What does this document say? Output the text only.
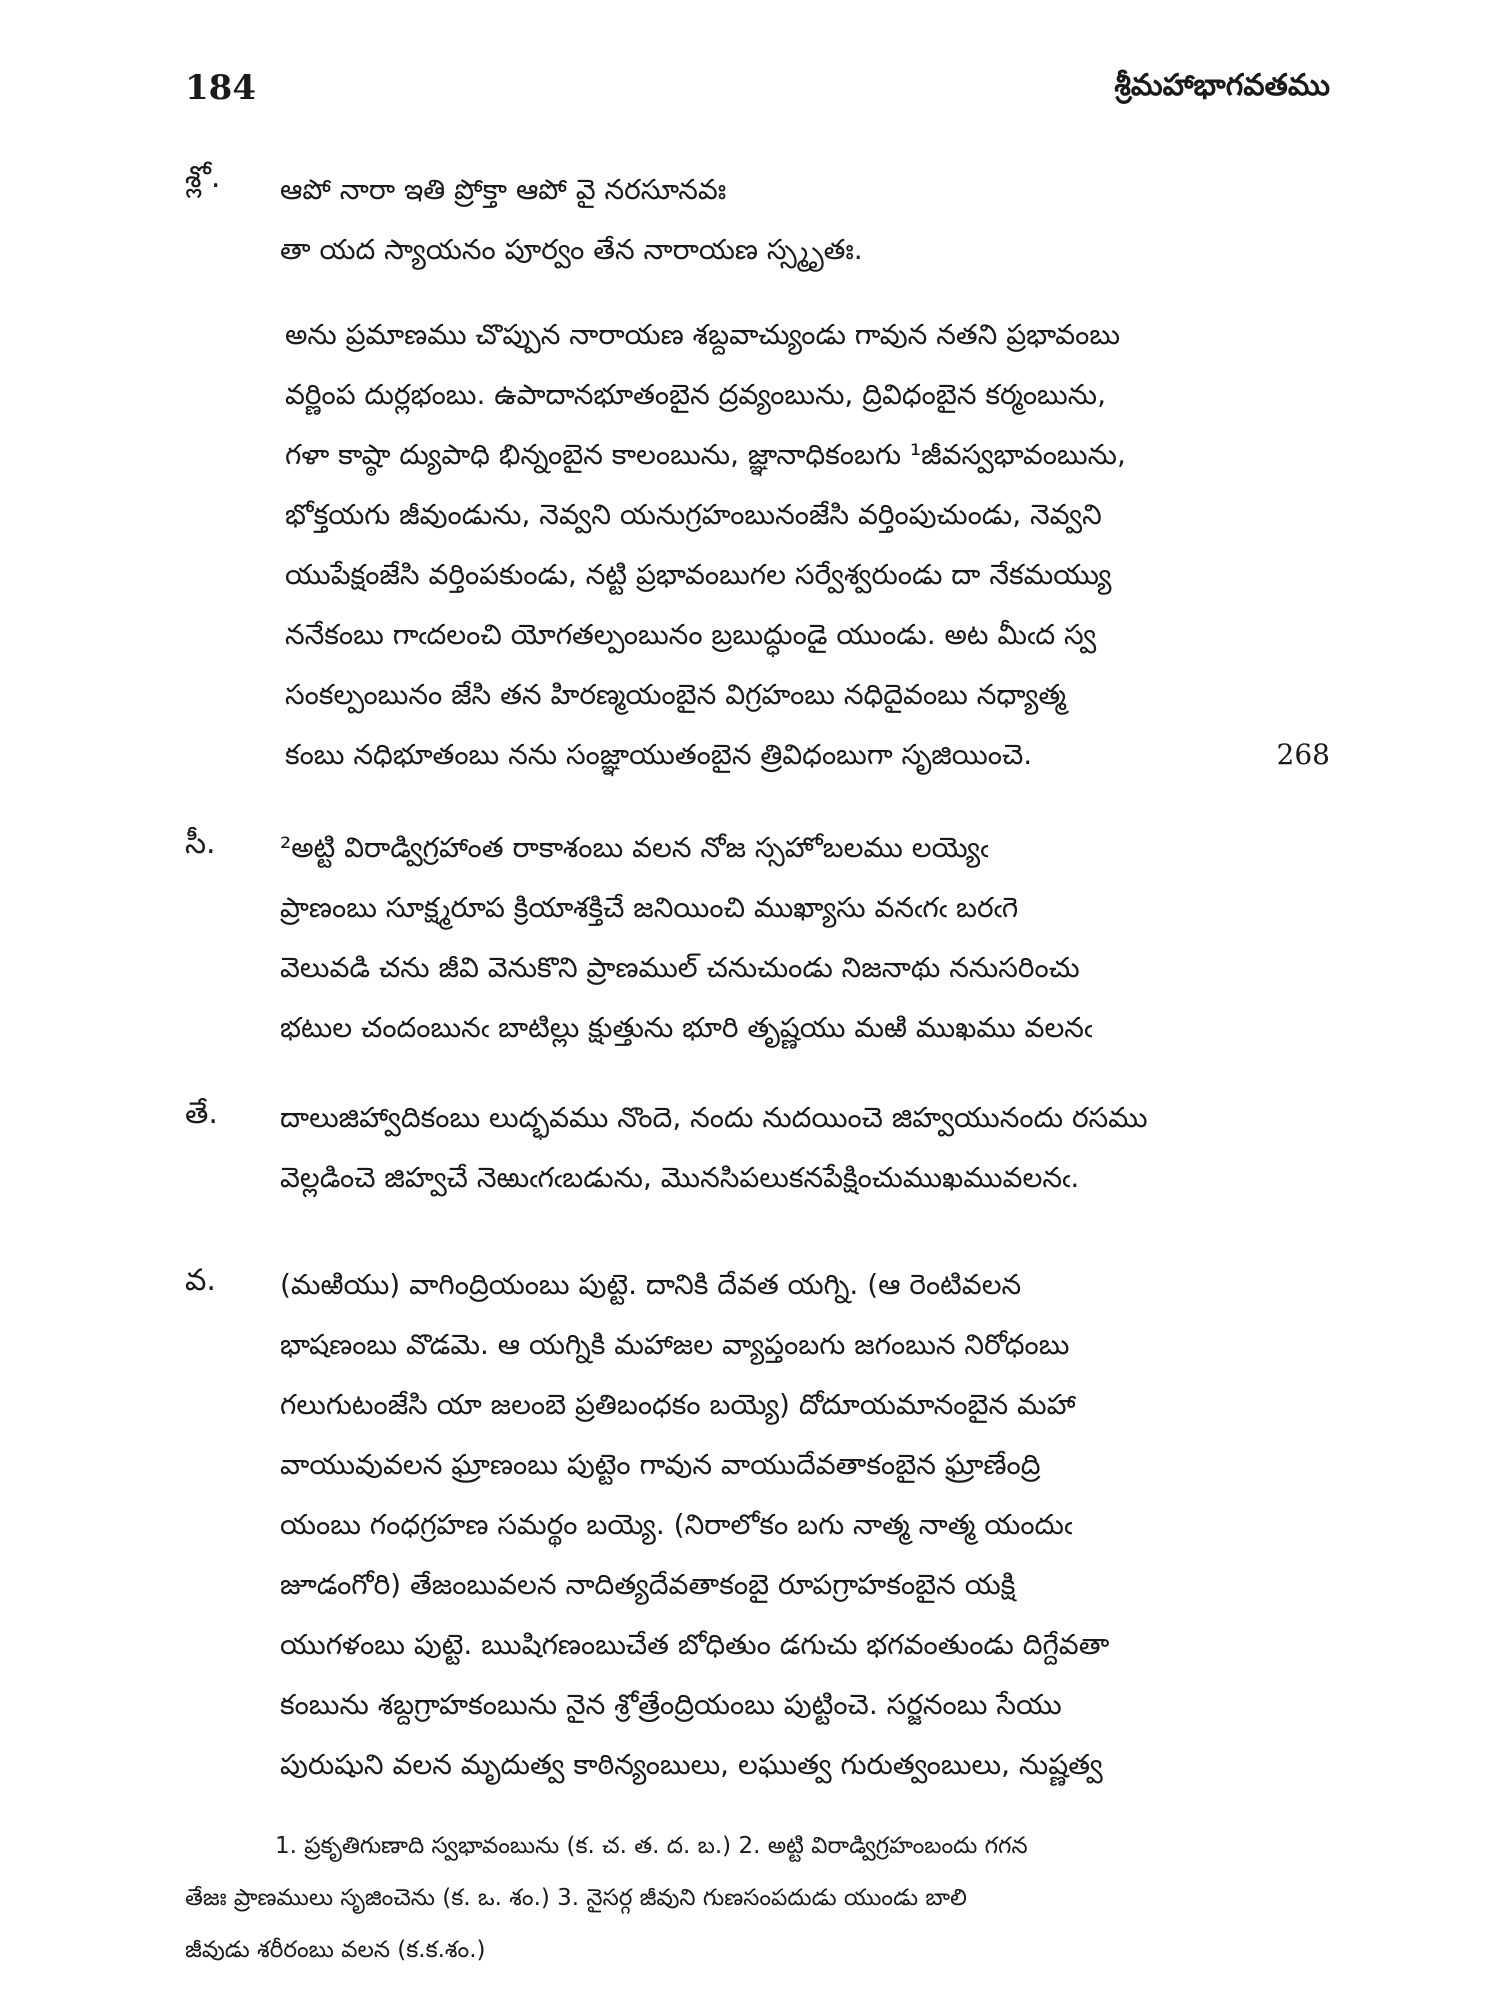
184	శ్రీమహాభాగవతము
శ్లో. ఆపో నారా ఇతి ప్రోక్తా ఆపో వై నరసూనవః
తా యద స్యాయనం పూర్వం తేన నారాయణ స్స్మృతః.
అను ప్రమాణము చొప్పున నారాయణ శబ్దవాచ్యుండు గావున నతని ప్రభావంబు
వర్ణింప దుర్లభంబు. ఉపాదానభూతంబైన ద్రవ్యంబును, ద్రివిధంబైన కర్మంబును,
గళా కాష్ఠా ద్యుపాధి భిన్నంబైన కాలంబును, జ్ఞానాధికంబగు ¹జీవస్వభావంబును,
భోక్తయగు జీవుండును, నెవ్వని యనుగ్రహంబునంజేసి వర్తింపుచుండు, నెవ్వని
యుపేక్షంజేసి వర్తింపకుండు, నట్టి ప్రభావంబుగల సర్వేశ్వరుండు దా నేకమయ్యు
ననేకంబు గాఁదలంచి యోగతల్పంబునం బ్రబుద్ధుండై యుండు. అట మీఁద స్వ
సంకల్పంబునం జేసి తన హిరణ్మయంబైన విగ్రహంబు నధిదైవంబు నధ్యాత్మ
కంబు నధిభూతంబు నను సంజ్ఞాయుతంబైన త్రివిధంబుగా సృజియించె.	268
సీ. ²అట్టి విరాడ్విగ్రహాంత రాకాశంబు వలన నోజ స్సహోబలము లయ్యెఁ
ప్రాణంబు సూక్ష్మరూప క్రియాశక్తిచే జనియించి ముఖ్యాసు వనఁగఁ బరఁగె
వెలువడి చను జీవి వెనుకొని ప్రాణముల్ చనుచుండు నిజనాథు ననుసరించు
భటుల చందంబునఁ బాటిల్లు క్షుత్తును భూరి తృష్ణయు మఱి ముఖము వలనఁ
తే. దాలుజిహ్వాదికంబు లుద్భవము నొందె, నందు నుదయించె జిహ్వయునందు రసము
వెల్లడించె జిహ్వచే నెఱుఁగఁబడును, మొనసిపలుకనపేక్షించుముఖమువలనఁ.
వ. (మఱియు) వాగింద్రియంబు పుట్టె. దానికి దేవత యగ్ని. (ఆ రెంటివలన
భాషణంబు వొడమె. ఆ యగ్నికి మహాజల వ్యాప్తంబగు జగంబున నిరోధంబు
గలుగుటంజేసి యా జలంబె ప్రతిబంధకం బయ్యె) దోదూయమానంబైన మహా
వాయువువలన ఘ్రాణంబు పుట్టెం గావున వాయుదేవతాకంబైన ఘ్రాణేంద్రి
యంబు గంధగ్రహణ సమర్థం బయ్యె. (నిరాలోకం బగు నాత్మ నాత్మ యందుఁ
జూడంగోరి) తేజంబువలన నాదిత్యదేవతాకంబై రూపగ్రాహకంబైన యక్షి
యుగళంబు పుట్టె. ఋషిగణంబుచేత బోధితుం డగుచు భగవంతుండు దిగ్దేవతా
కంబును శబ్దగ్రాహకంబును నైన శ్రోత్రేంద్రియంబు పుట్టించె. సర్జనంబు సేయు
పురుషుని వలన మృదుత్వ కాఠిన్యంబులు, లఘుత్వ గురుత్వంబులు, నుష్ణత్వ
1. ప్రకృతిగుణాది స్వభావంబును (క. చ. త. ద. బ.) 2. అట్టి విరాడ్విగ్రహంబందు గగన
తేజః ప్రాణములు సృజించెను (క. ఒ. శం.) 3. నైసర్గ జీవుని గుణసంపదుడు యుండు బాలి
జీవుడు శరీరంబు వలన (క.క.శం.)
